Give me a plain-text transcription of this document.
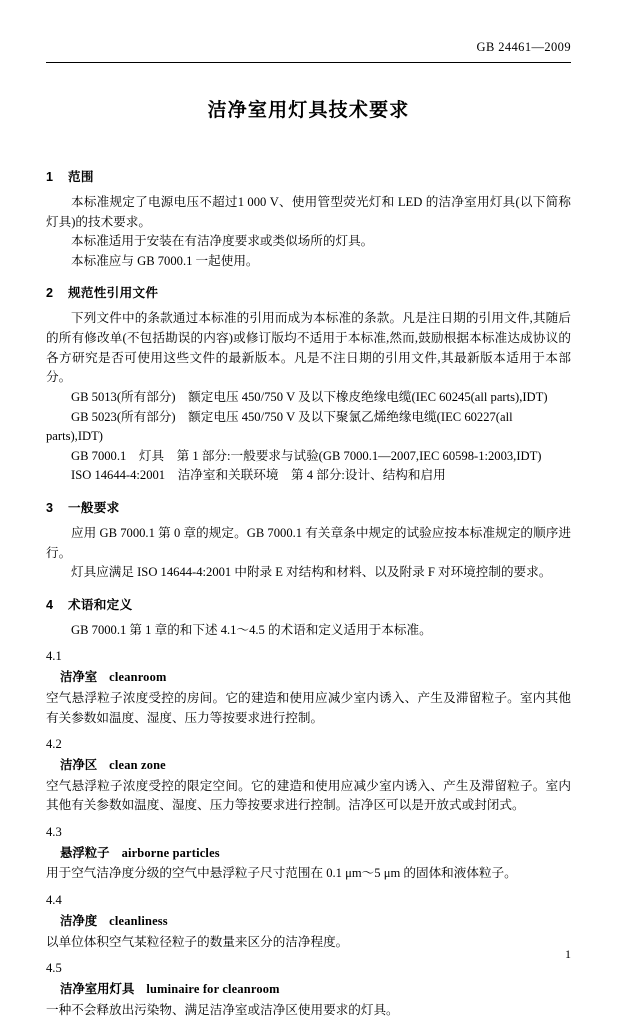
GB 24461—2009
洁净室用灯具技术要求
1 范围

本标准规定了电源电压不超过1 000 V、使用管型荧光灯和 LED 的洁净室用灯具(以下简称灯具)的技术要求。

本标准适用于安装在有洁净度要求或类似场所的灯具。

本标准应与 GB 7000.1 一起使用。

2 规范性引用文件

下列文件中的条款通过本标准的引用而成为本标准的条款。凡是注日期的引用文件,其随后的所有修改单(不包括勘误的内容)或修订版均不适用于本标准,然而,鼓励根据本标准达成协议的各方研究是否可使用这些文件的最新版本。凡是不注日期的引用文件,其最新版本适用于本部分。

GB 5013(所有部分)　额定电压 450/750 V 及以下橡皮绝缘电缆(IEC 60245(all parts),IDT)

GB 5023(所有部分)　额定电压 450/750 V 及以下聚氯乙烯绝缘电缆(IEC 60227(all parts),IDT)

GB 7000.1　灯具　第 1 部分:一般要求与试验(GB 7000.1—2007,IEC 60598-1:2003,IDT)

ISO 14644-4:2001　洁净室和关联环境　第 4 部分:设计、结构和启用

3 一般要求

应用 GB 7000.1 第 0 章的规定。GB 7000.1 有关章条中规定的试验应按本标准规定的顺序进行。

灯具应满足 ISO 14644-4:2001 中附录 E 对结构和材料、以及附录 F 对环境控制的要求。

4 术语和定义

GB 7000.1 第 1 章的和下述 4.1～4.5 的术语和定义适用于本标准。

4.1
洁净室 cleanroom

空气悬浮粒子浓度受控的房间。它的建造和使用应减少室内诱入、产生及滞留粒子。室内其他有关参数如温度、湿度、压力等按要求进行控制。

4.2
洁净区 clean zone

空气悬浮粒子浓度受控的限定空间。它的建造和使用应减少室内诱入、产生及滞留粒子。室内其他有关参数如温度、湿度、压力等按要求进行控制。洁净区可以是开放式或封闭式。

4.3
悬浮粒子 airborne particles

用于空气洁净度分级的空气中悬浮粒子尺寸范围在 0.1 μm～5 μm 的固体和液体粒子。

4.4
洁净度 cleanliness

以单位体积空气某粒径粒子的数量来区分的洁净程度。

4.5
洁净室用灯具 luminaire for cleanroom

一种不会释放出污染物、满足洁净室或洁净区使用要求的灯具。

1
